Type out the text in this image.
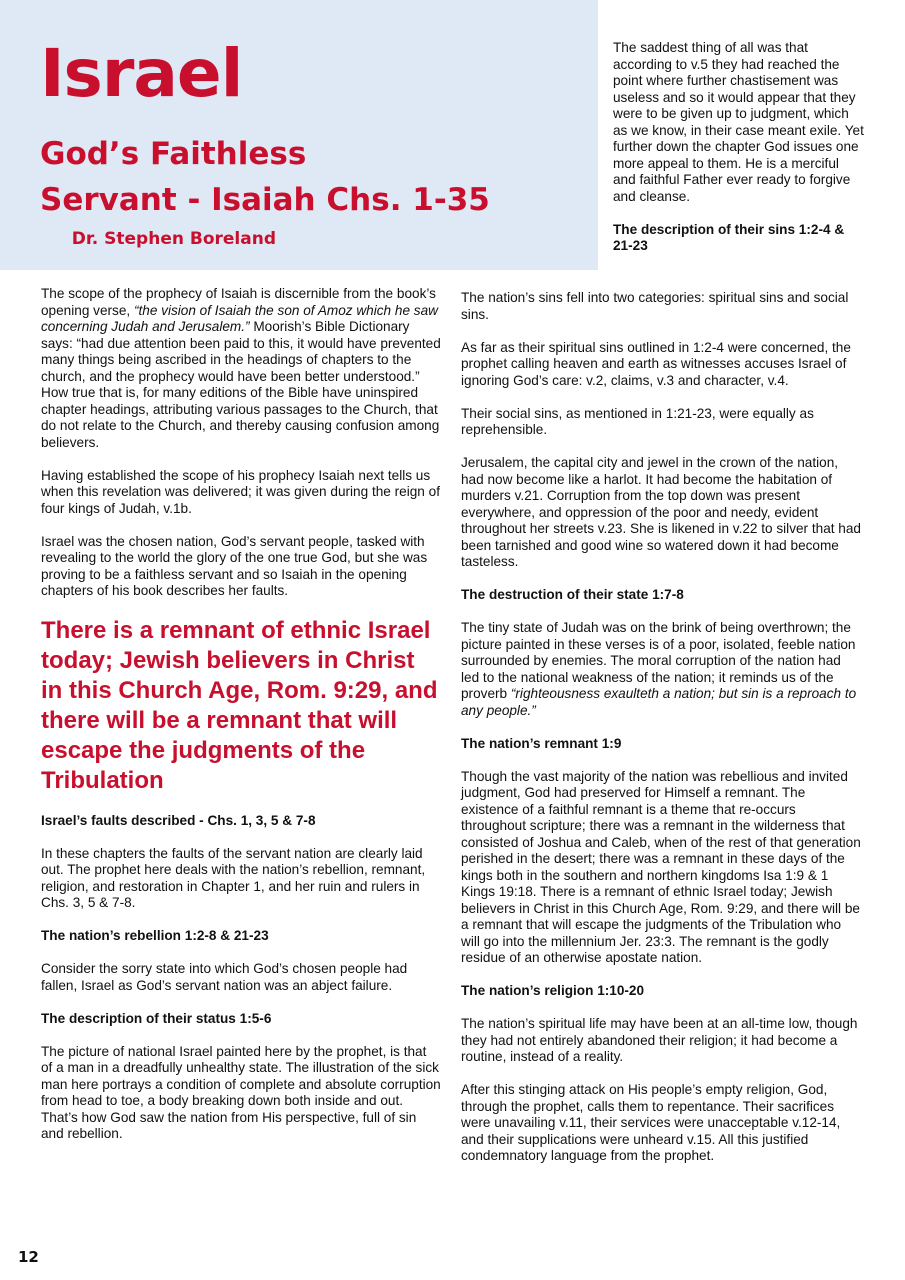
Israel
God’s Faithless
Servant - Isaiah Chs. 1-35
Dr. Stephen Boreland

The saddest thing of all was that according to v.5 they had reached the point where further chastisement was useless and so it would appear that they were to be given up to judgment, which as we know, in their case meant exile. Yet further down the chapter God issues one more appeal to them. He is a merciful and faithful Father ever ready to forgive and cleanse.

The description of their sins 1:2-4 & 21-23

The scope of the prophecy of Isaiah is discernible from the book’s opening verse, “the vision of Isaiah the son of Amoz which he saw concerning Judah and Jerusalem.” Moorish’s Bible Dictionary says: “had due attention been paid to this, it would have prevented many things being ascribed in the headings of chapters to the church, and the prophecy would have been better understood.” How true that is, for many editions of the Bible have uninspired chapter headings, attributing various passages to the Church, that do not relate to the Church, and thereby causing confusion among believers.

Having established the scope of his prophecy Isaiah next tells us when this revelation was delivered; it was given during the reign of four kings of Judah, v.1b.

Israel was the chosen nation, God’s servant people, tasked with revealing to the world the glory of the one true God, but she was proving to be a faithless servant and so Isaiah in the opening chapters of his book describes her faults.

There is a remnant of ethnic Israel today; Jewish believers in Christ in this Church Age, Rom. 9:29, and there will be a remnant that will escape the judgments of the Tribulation

Israel’s faults described - Chs. 1, 3, 5 & 7-8

In these chapters the faults of the servant nation are clearly laid out. The prophet here deals with the nation’s rebellion, remnant, religion, and restoration in Chapter 1, and her ruin and rulers in Chs. 3, 5 & 7-8.

The nation’s rebellion 1:2-8 & 21-23

Consider the sorry state into which God’s chosen people had fallen, Israel as God’s servant nation was an abject failure.

The description of their status 1:5-6

The picture of national Israel painted here by the prophet, is that of a man in a dreadfully unhealthy state. The illustration of the sick man here portrays a condition of complete and absolute corruption from head to toe, a body breaking down both inside and out. That’s how God saw the nation from His perspective, full of sin and rebellion.

The nation’s sins fell into two categories: spiritual sins and social sins.

As far as their spiritual sins outlined in 1:2-4 were concerned, the prophet calling heaven and earth as witnesses accuses Israel of ignoring God’s care: v.2, claims, v.3 and character, v.4.

Their social sins, as mentioned in 1:21-23, were equally as reprehensible.

Jerusalem, the capital city and jewel in the crown of the nation, had now become like a harlot. It had become the habitation of murders v.21. Corruption from the top down was present everywhere, and oppression of the poor and needy, evident throughout her streets v.23. She is likened in v.22 to silver that had been tarnished and good wine so watered down it had become tasteless.

The destruction of their state 1:7-8

The tiny state of Judah was on the brink of being overthrown; the picture painted in these verses is of a poor, isolated, feeble nation surrounded by enemies. The moral corruption of the nation had led to the national weakness of the nation; it reminds us of the proverb “righteousness exaulteth a nation; but sin is a reproach to any people.”

The nation’s remnant 1:9

Though the vast majority of the nation was rebellious and invited judgment, God had preserved for Himself a remnant. The existence of a faithful remnant is a theme that re-occurs throughout scripture; there was a remnant in the wilderness that consisted of Joshua and Caleb, when of the rest of that generation perished in the desert; there was a remnant in these days of the kings both in the southern and northern kingdoms Isa 1:9 & 1 Kings 19:18. There is a remnant of ethnic Israel today; Jewish believers in Christ in this Church Age, Rom. 9:29, and there will be a remnant that will escape the judgments of the Tribulation who will go into the millennium Jer. 23:3. The remnant is the godly residue of an otherwise apostate nation.

The nation’s religion 1:10-20

The nation’s spiritual life may have been at an all-time low, though they had not entirely abandoned their religion; it had become a routine, instead of a reality.

After this stinging attack on His people’s empty religion, God, through the prophet, calls them to repentance. Their sacrifices were unavailing v.11, their services were unacceptable v.12-14, and their supplications were unheard v.15. All this justified condemnatory language from the prophet.

12
